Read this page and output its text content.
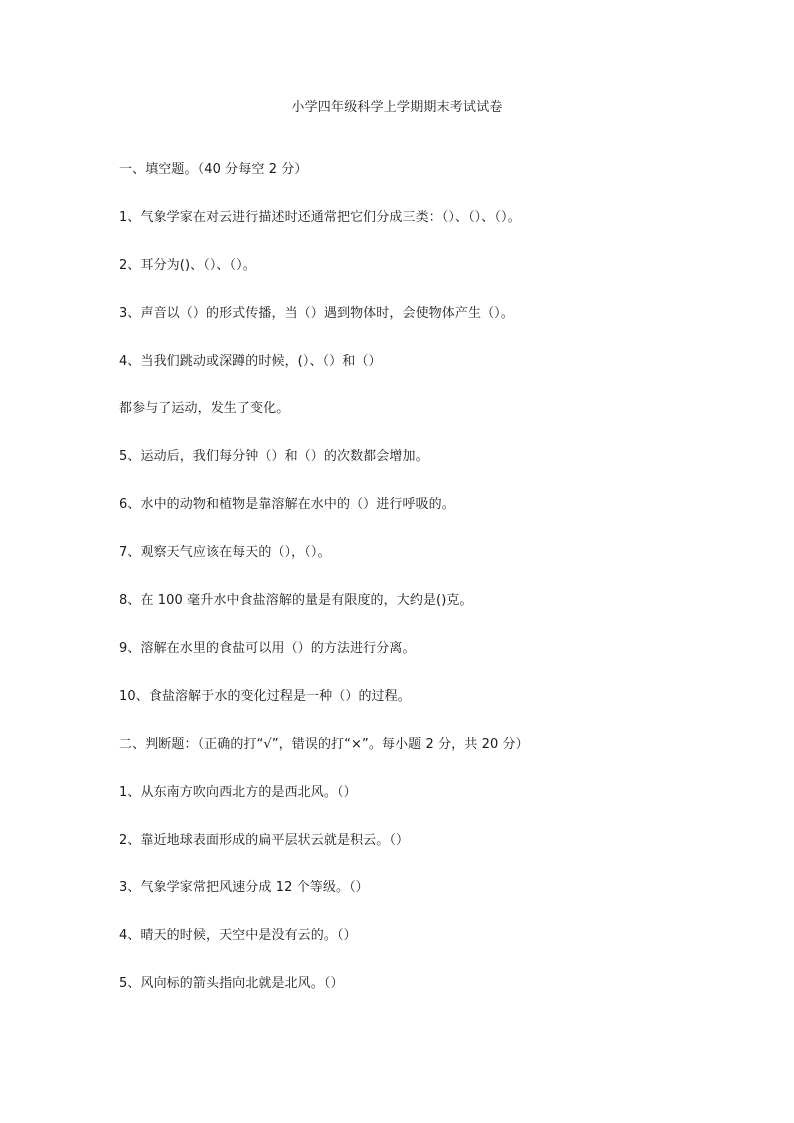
小学四年级科学上学期期末考试试卷
一、填空题。（40 分每空 2 分）
1、气象学家在对云进行描述时还通常把它们分成三类：（）、（）、（）。
2、耳分为()、（）、（）。
3、声音以（）的形式传播，当（）遇到物体时，会使物体产生（）。
4、当我们跳动或深蹲的时候，(）、（）和（）
都参与了运动，发生了变化。
5、运动后，我们每分钟（）和（）的次数都会增加。
6、水中的动物和植物是靠溶解在水中的（）进行呼吸的。
7、观察天气应该在每天的（），（）。
8、在 100 毫升水中食盐溶解的量是有限度的，大约是()克。
9、溶解在水里的食盐可以用（）的方法进行分离。
10、食盐溶解于水的变化过程是一种（）的过程。
二、判断题：（正确的打“√”，错误的打“×”。每小题 2 分，共 20 分）
1、从东南方吹向西北方的是西北风。（）
2、靠近地球表面形成的扁平层状云就是积云。（）
3、气象学家常把风速分成 12 个等级。（）
4、晴天的时候，天空中是没有云的。（）
5、风向标的箭头指向北就是北风。（）
